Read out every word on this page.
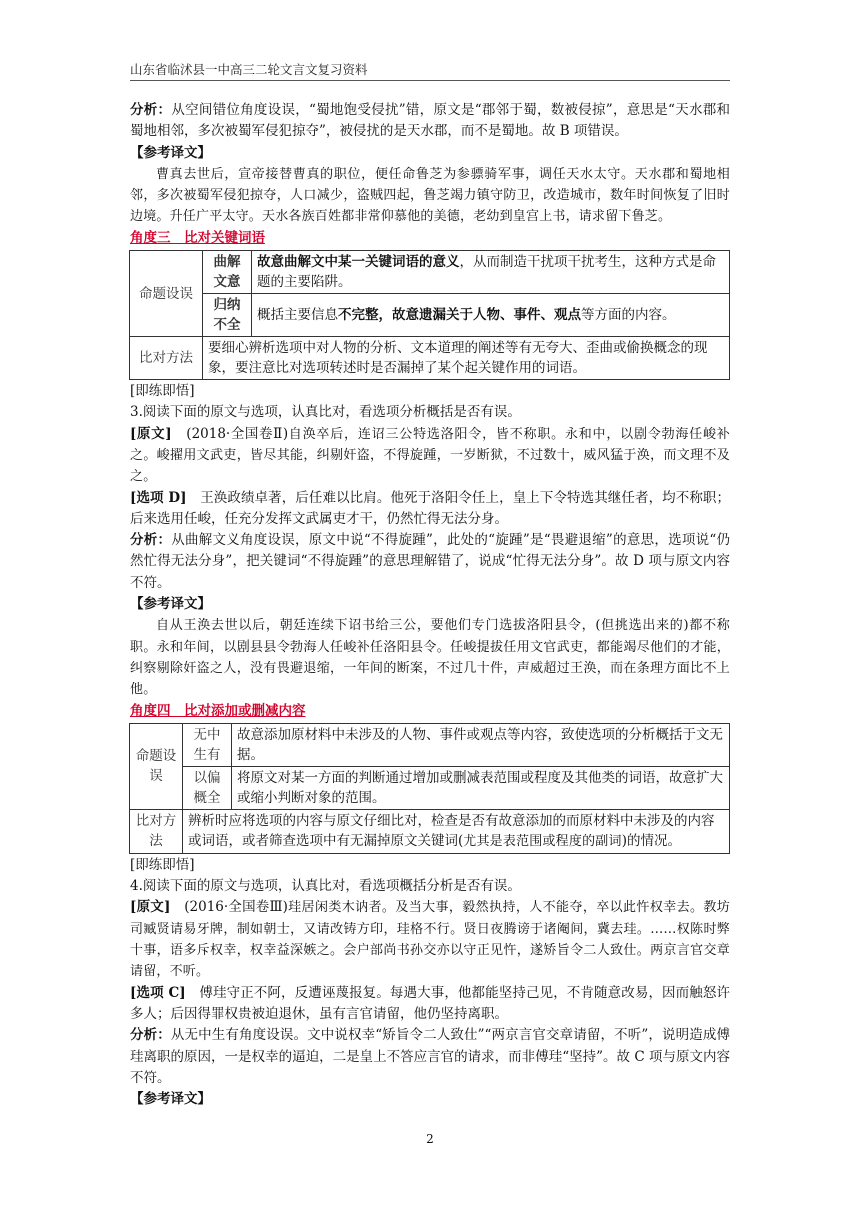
山东省临沭县一中高三二轮文言文复习资料

分析：从空间错位角度设误，“蜀地饱受侵扰”错，原文是“郡邻于蜀，数被侵掠”，意思是“天水郡和蜀地相邻，多次被蜀军侵犯掠夺”，被侵扰的是天水郡，而不是蜀地。故 B 项错误。

【参考译文】

曹真去世后，宣帝接替曹真的职位，便任命鲁芝为参骠骑军事，调任天水太守。天水郡和蜀地相邻，多次被蜀军侵犯掠夺，人口减少，盗贼四起，鲁芝竭力镇守防卫，改造城市，数年时间恢复了旧时边境。升任广平太守。天水各族百姓都非常仰慕他的美德，老幼到皇宫上书，请求留下鲁芝。

角度三　比对关键词语

命题设误	曲解文意	故意曲解文中某一关键词语的意义，从而制造干扰项干扰考生，这种方式是命题的主要陷阱。
	归纳不全	概括主要信息不完整，故意遗漏关于人物、事件、观点等方面的内容。
比对方法	要细心辨析选项中对人物的分析、文本道理的阐述等有无夸大、歪曲或偷换概念的现象，要注意比对选项转述时是否漏掉了某个起关键作用的词语。	

[即练即悟]

3.阅读下面的原文与选项，认真比对，看选项分析概括是否有误。

[原文]　(2018·全国卷Ⅱ)自涣卒后，连诏三公特选洛阳令，皆不称职。永和中，以剧令勃海任峻补之。峻擢用文武吏，皆尽其能，纠剔奸盗，不得旋踵，一岁断狱，不过数十，威风猛于涣，而文理不及之。

[选项 D]　王涣政绩卓著，后任难以比肩。他死于洛阳令任上，皇上下令特选其继任者，均不称职；后来选用任峻，任充分发挥文武属吏才干，仍然忙得无法分身。

分析：从曲解文义角度设误，原文中说“不得旋踵”，此处的“旋踵”是“畏避退缩”的意思，选项说“仍然忙得无法分身”，把关键词“不得旋踵”的意思理解错了，说成“忙得无法分身”。故 D 项与原文内容不符。

【参考译文】

自从王涣去世以后，朝廷连续下诏书给三公，要他们专门选拔洛阳县令，(但挑选出来的)都不称职。永和年间，以剧县县令勃海人任峻补任洛阳县令。任峻提拔任用文官武吏，都能竭尽他们的才能，纠察剔除奸盗之人，没有畏避退缩，一年间的断案，不过几十件，声威超过王涣，而在条理方面比不上他。

角度四　比对添加或删减内容

命题设误	无中生有	故意添加原材料中未涉及的人物、事件或观点等内容，致使选项的分析概括于文无据。
	以偏概全	将原文对某一方面的判断通过增加或删减表范围或程度及其他类的词语，故意扩大或缩小判断对象的范围。
比对方法	辨析时应将选项的内容与原文仔细比对，检查是否有故意添加的而原材料中未涉及的内容或词语，或者筛查选项中有无漏掉原文关键词(尤其是表范围或程度的副词)的情况。	

[即练即悟]

4.阅读下面的原文与选项，认真比对，看选项概括分析是否有误。

[原文]　(2016·全国卷Ⅲ)珪居闲类木讷者。及当大事，毅然执持，人不能夺，卒以此忤权幸去。教坊司臧贤请易牙牌，制如朝士，又请改铸方印，珪格不行。贤日夜腾谤于诸阉间，冀去珪。……权陈时弊十事，语多斥权幸，权幸益深嫉之。会户部尚书孙交亦以守正见忤，遂矫旨令二人致仕。两京言官交章请留，不听。

[选项 C]　傅珪守正不阿，反遭诬蔑报复。每遇大事，他都能坚持己见，不肯随意改易，因而触怒许多人；后因得罪权贵被迫退休，虽有言官请留，他仍坚持离职。

分析：从无中生有角度设误。文中说权幸“矫旨令二人致仕”“两京言官交章请留，不听”，说明造成傅珪离职的原因，一是权幸的逼迫，二是皇上不答应言官的请求，而非傅珪“坚持”。故 C 项与原文内容不符。

【参考译文】

2
